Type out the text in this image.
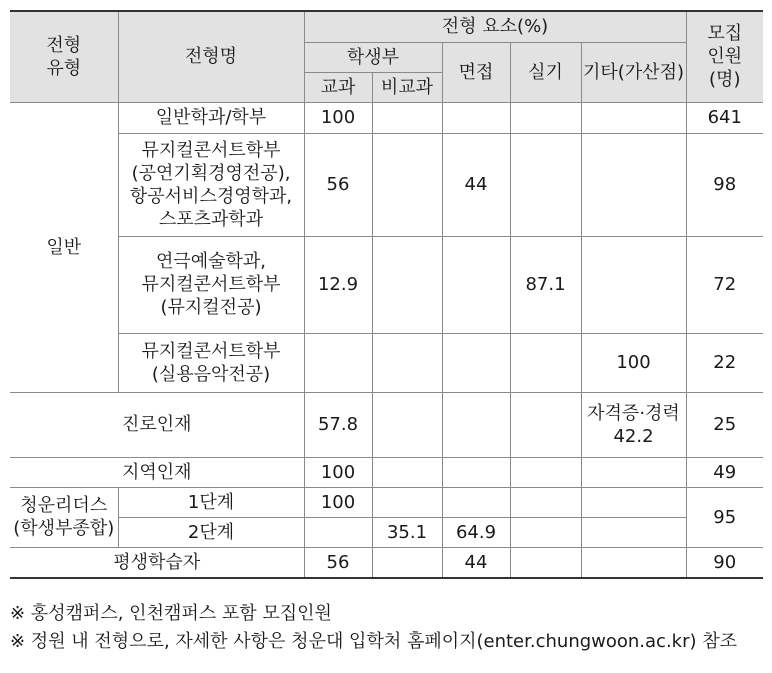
전형
유형	전형명	전형 요소(%)					모집
인원
(명)
		학생부		면접	실기	기타(가산점)	
		교과	비교과				
일반	일반학과/학부	100					641
	뮤지컬콘서트학부
(공연기획경영전공),
항공서비스경영학과,
스포츠과학과	56		44			98
	연극예술학과,
뮤지컬콘서트학부
(뮤지컬전공)	12.9			87.1		72
	뮤지컬콘서트학부
(실용음악전공)					100	22
진로인재		57.8				자격증·경력
42.2	25
지역인재		100					49
청운리더스
(학생부종합)	1단계	100					95
	2단계		35.1	64.9			
평생학습자		56		44			90
※ 홍성캠퍼스, 인천캠퍼스 포함 모집인원
※ 정원 내 전형으로, 자세한 사항은 청운대 입학처 홈페이지(enter.chungwoon.ac.kr) 참조
